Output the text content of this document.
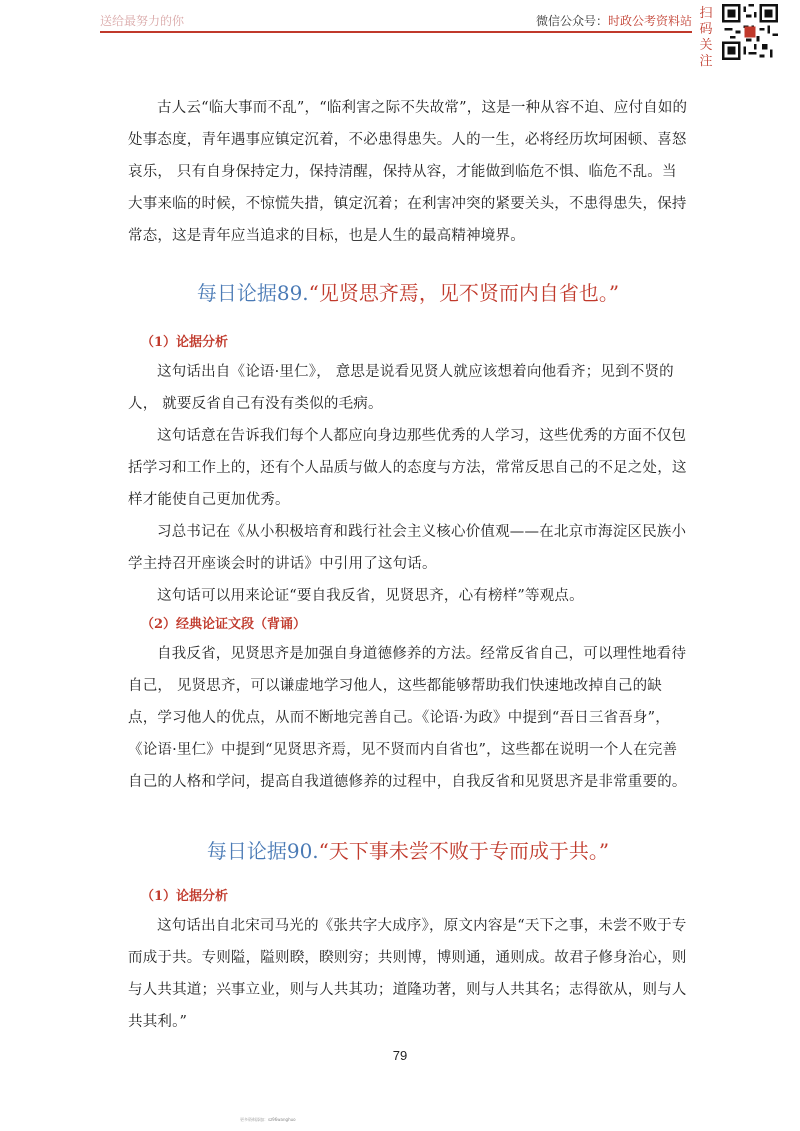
送给最努力的你	微信公众号：时政公考资料站 扫码关注

古人云“临大事而不乱”，“临利害之际不失故常”，这是一种从容不迫、应付自如的处事态度，青年遇事应镇定沉着，不必患得患失。人的一生，必将经历坎坷困顿、喜怒哀乐， 只有自身保持定力，保持清醒，保持从容，才能做到临危不惧、临危不乱。当大事来临的时候，不惊慌失措，镇定沉着；在利害冲突的紧要关头，不患得患失，保持常态，这是青年应当追求的目标，也是人生的最高精神境界。

每日论据89.“见贤思齐焉，见不贤而内自省也。”

（1）论据分析

这句话出自《论语·里仁》， 意思是说看见贤人就应该想着向他看齐；见到不贤的人， 就要反省自己有没有类似的毛病。

这句话意在告诉我们每个人都应向身边那些优秀的人学习，这些优秀的方面不仅包括学习和工作上的，还有个人品质与做人的态度与方法，常常反思自己的不足之处，这样才能使自己更加优秀。

习总书记在《从小积极培育和践行社会主义核心价值观——在北京市海淀区民族小学主持召开座谈会时的讲话》中引用了这句话。

这句话可以用来论证“要自我反省，见贤思齐，心有榜样”等观点。

（2）经典论证文段（背诵）

自我反省，见贤思齐是加强自身道德修养的方法。经常反省自己，可以理性地看待自己， 见贤思齐，可以谦虚地学习他人，这些都能够帮助我们快速地改掉自己的缺点，学习他人的优点，从而不断地完善自己。《论语·为政》中提到“吾日三省吾身”，《论语·里仁》中提到“见贤思齐焉，见不贤而内自省也”，这些都在说明一个人在完善自己的人格和学问，提高自我道德修养的过程中，自我反省和见贤思齐是非常重要的。

每日论据90.“天下事未尝不败于专而成于共。”

（1）论据分析

这句话出自北宋司马光的《张共字大成序》，原文内容是“天下之事，未尝不败于专而成于共。专则隘，隘则睽，睽则穷；共则博，博则通，通则成。故君子修身治心，则与人共其道；兴事立业，则与人共其功；道隆功著，则与人共其名；志得欲从，则与人共其利。”

79
更多资料添加：sz96wanghuo
